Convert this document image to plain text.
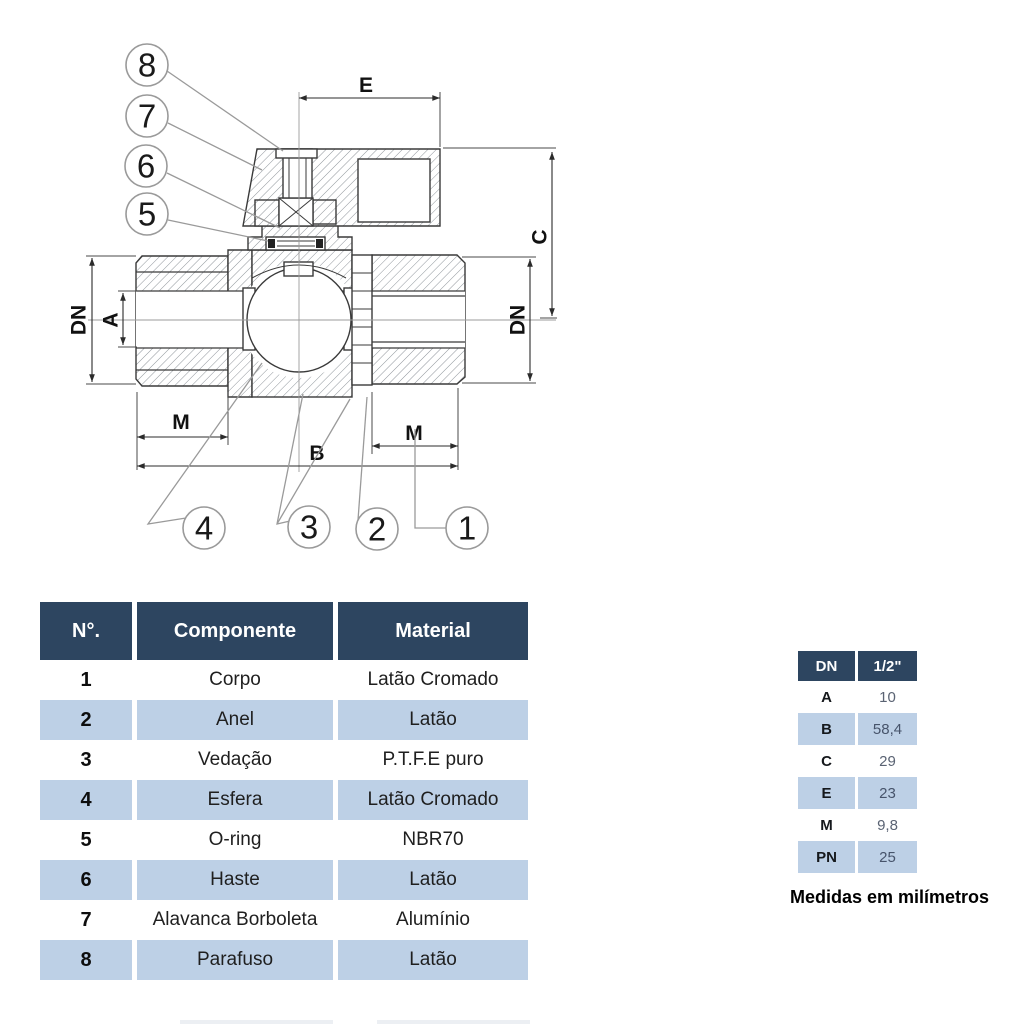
E
C
DN A	DN
M	M
B
8
7
6
5
4	3 2 1
N°.	Componente	Material
1	Corpo	Latão Cromado
2	Anel	Latão
3	Vedação	P.T.F.E puro
4	Esfera	Latão Cromado
5	O-ring	NBR70
6	Haste	Latão
7	Alavanca Borboleta	Alumínio
8	Parafuso	Latão
DN	1/2"
A	10
B	58,4
C	29
E	23
M	9,8
PN	25
Medidas em milímetros
